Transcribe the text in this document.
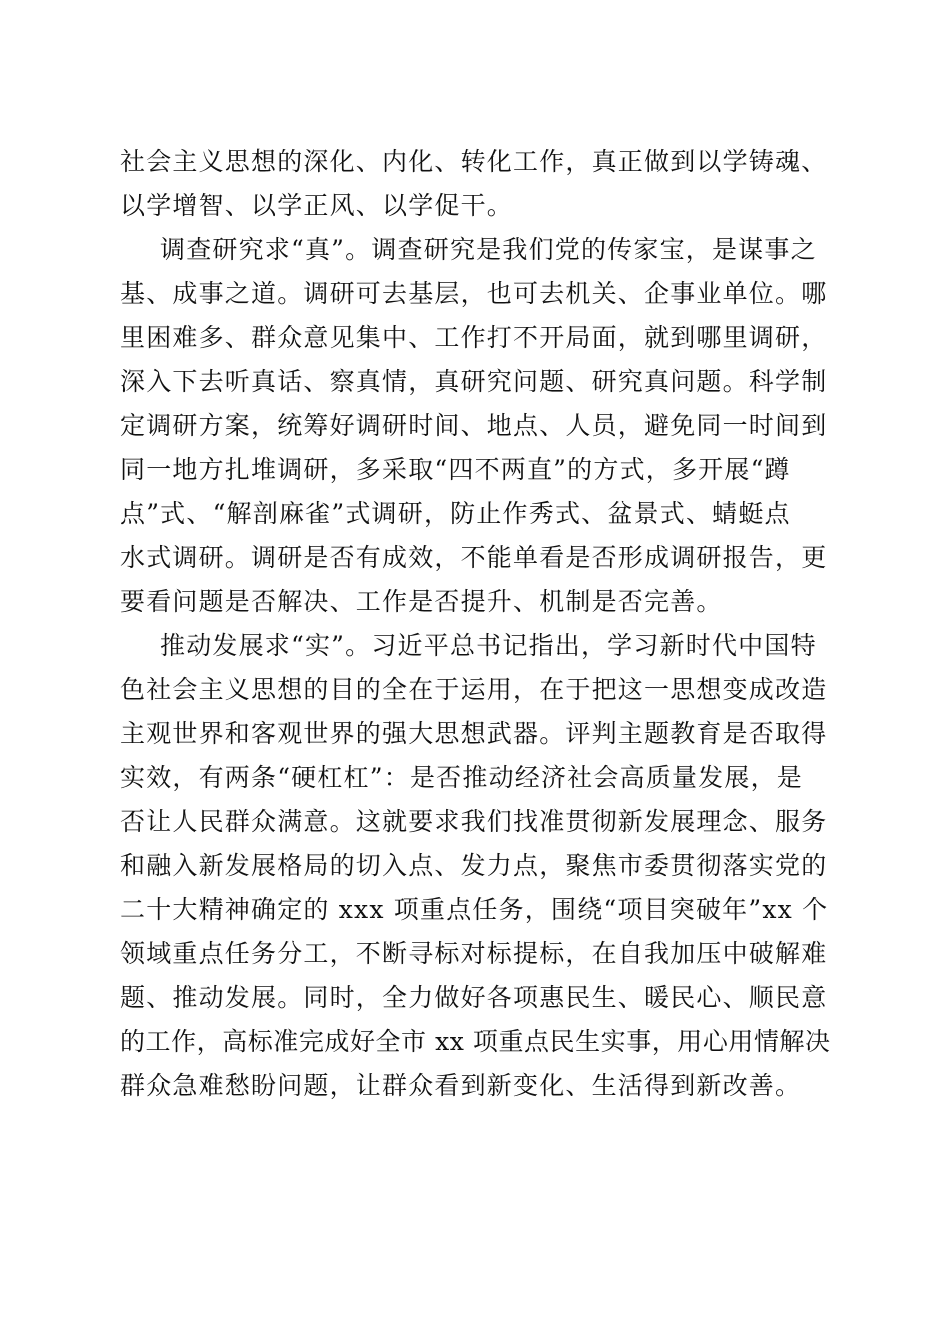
社会主义思想的深化、内化、转化工作，真正做到以学铸魂、
以学增智、以学正风、以学促干。
调查研究求“真”。调查研究是我们党的传家宝，是谋事之
基、成事之道。调研可去基层，也可去机关、企事业单位。哪
里困难多、群众意见集中、工作打不开局面，就到哪里调研，
深入下去听真话、察真情，真研究问题、研究真问题。科学制
定调研方案，统筹好调研时间、地点、人员，避免同一时间到
同一地方扎堆调研，多采取“四不两直”的方式，多开展“蹲
点”式、“解剖麻雀”式调研，防止作秀式、盆景式、蜻蜓点
水式调研。调研是否有成效，不能单看是否形成调研报告，更
要看问题是否解决、工作是否提升、机制是否完善。
推动发展求“实”。习近平总书记指出，学习新时代中国特
色社会主义思想的目的全在于运用，在于把这一思想变成改造
主观世界和客观世界的强大思想武器。评判主题教育是否取得
实效，有两条“硬杠杠”：是否推动经济社会高质量发展，是
否让人民群众满意。这就要求我们找准贯彻新发展理念、服务
和融入新发展格局的切入点、发力点，聚焦市委贯彻落实党的
二十大精神确定的 xxx 项重点任务，围绕“项目突破年”xx 个
领域重点任务分工，不断寻标对标提标，在自我加压中破解难
题、推动发展。同时，全力做好各项惠民生、暖民心、顺民意
的工作，高标准完成好全市 xx 项重点民生实事，用心用情解决
群众急难愁盼问题，让群众看到新变化、生活得到新改善。
